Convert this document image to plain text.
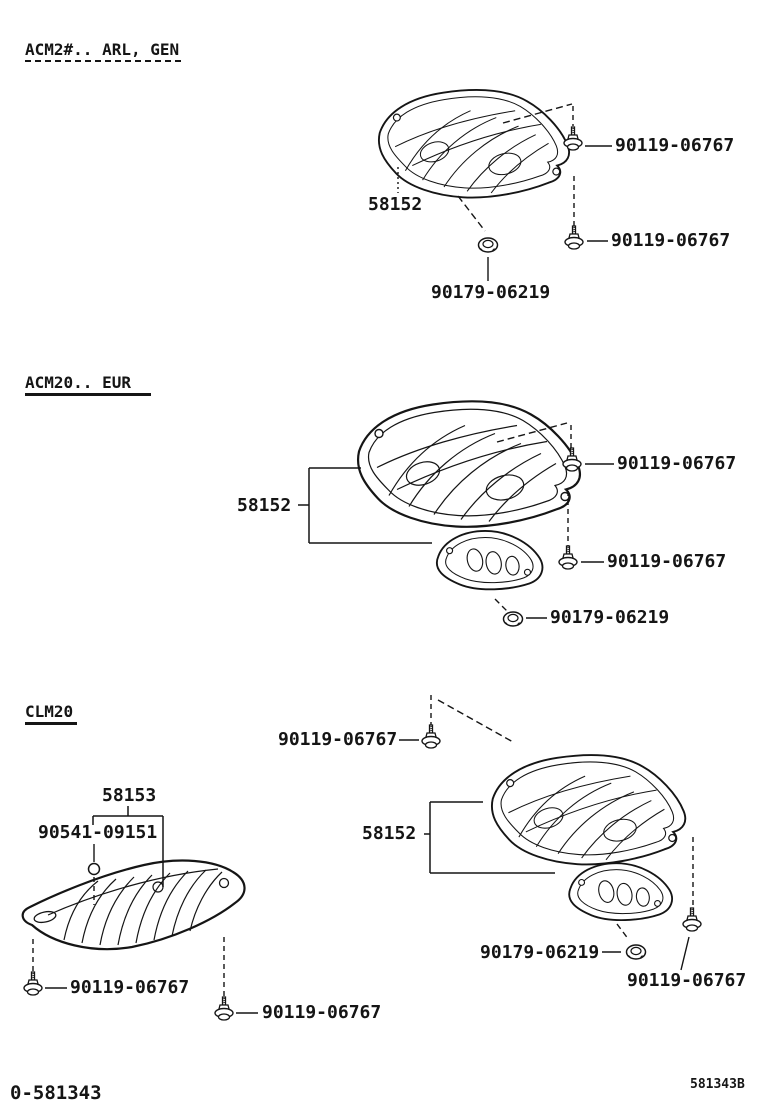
ACM2#.. ARL, GEN
ACM20.. EUR
CLM20
58152
90119-06767
90119-06767
90179-06219
58152
90119-06767
90119-06767
90179-06219
58153
90541-09151
90119-06767
90119-06767
90119-06767
58152
90179-06219
90119-06767
0-581343	581343B
